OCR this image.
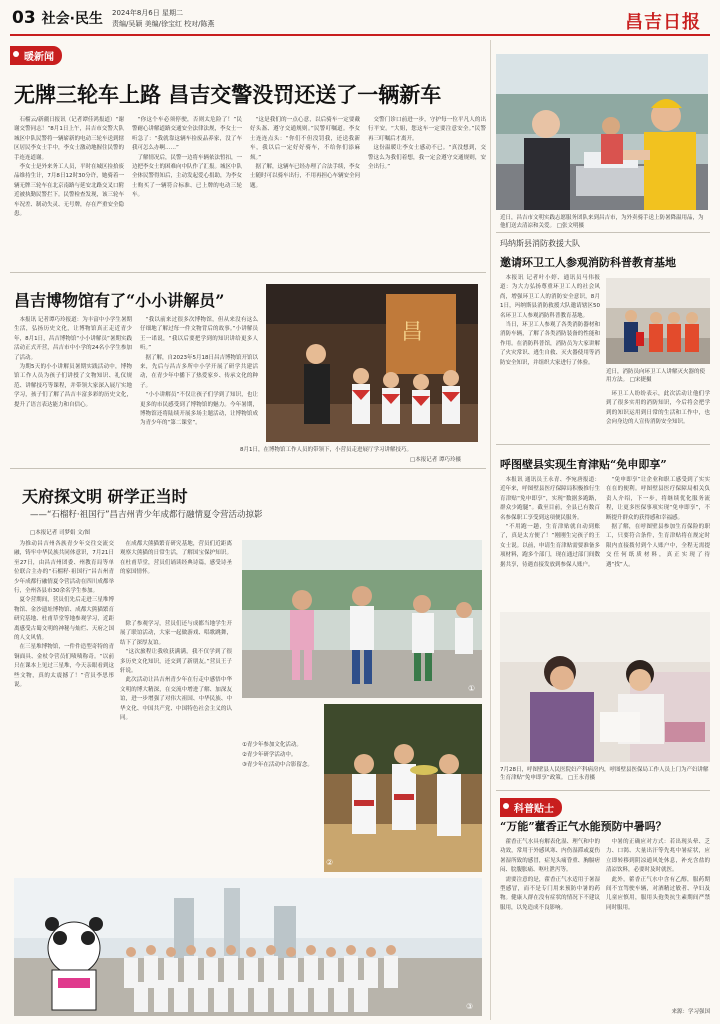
03 社会·民生 2024年8月6日 星期二
责编/吴颖 美编/徐宝红 校对/陈燕	昌吉日报
暖新闻
无牌三轮车上路 昌吉交警没罚还送了一辆新车

石榴云/新疆日报讯（记者谭佳鸿报道）“谢谢交警同志！”8月1日上午，昌吉市交警大队城区中队民警将一辆崭新的电动三轮车送到辖区居民李女士手中，李女士激动地握住民警的手连连道谢。

李女士是外来务工人员，平时在城区捡拾废品维持生计，7月8日12时30分许，她骑着一辆无牌三轮车在北京南路与延安北路交叉口附近被执勤民警拦下。民警检查发现，该三轮车车况差、制动失灵、无号牌，存在严重安全隐患。

“你这个车必须停驶，否则太危险了！”民警耐心讲解道路交通安全法律法规，李女士一听急了：“我就靠这辆车捡废品养家，没了车我可怎么办啊……”

了解情况后，民警一边将车辆依法暂扣，一边把李女士的困难向中队作了汇报。城区中队全体民警得知后，主动发起爱心捐助，为李女士购买了一辆符合标准、已上牌的电动三轮车。

“这是我们的一点心意，以后骑车一定要戴好头盔、遵守交通规则。”民警叮嘱道。李女士连连点头：“你们不但没罚我，还送我新车，我以后一定好好骑车，不给你们添麻烦。”

据了解，这辆车已经办理了合法手续，李女士随时可以骑车出行，不用再担心车辆安全问题。

交警门诊口前进一步，守护每一位平凡人的出行平安。“大姐，您这车一定要注意安全。”民警再三叮嘱后才离开。

这份温暖让李女士感动不已。“真没想到，交警这么为我们着想，我一定会遵守交通规则，安全出行。”

近日，昌吉市文明实践志愿服务团队来到昌吉市，为外卖骑手送上防暑降温用品，为他们送去清凉和关爱。 □张文明摄
昌吉博物馆有了“小小讲解员”

本报讯 记者谭巧玲报道：为丰富中小学生暑期生活，弘扬历史文化，让博物馆真正走近青少年，8月1日，昌吉博物馆“小小讲解员”暑期实践活动正式开营，昌吉市中小学的24名小学生参加了活动。

为期5天的小小讲解员暑期实践活动中，博物馆工作人员为孩子们讲授了文物知识、礼仪规范、讲解技巧等课程，并带领大家深入展厅实地学习，孩子们了解了昌吉丰富多彩的历史文化，提升了语言表达能力和自信心。

“我以前来过很多次博物馆，但从来没有这么仔细地了解过每一件文物背后的故事。”小讲解员王一诺说，“我以后要把学到的知识讲给更多人听。”

据了解，自2023年5月18日昌吉博物馆开馆以来，先后与昌吉多所中小学开展了研学共建活动，在青少年中播下了热爱家乡、传承文化的种子。

“小小讲解员”不仅让孩子们学到了知识，也让更多的市民感受到了博物馆的魅力。今年暑期，博物馆还将陆续开展多场主题活动，让博物馆成为青少年的“第二课堂”。

昌
8月1日，在博物馆工作人员的带领下，小营员走进展厅学习讲解技巧。
□本报记者 谭巧玲摄
玛纳斯县消防救援大队
邀请环卫工人参观消防科普教育基地

本报讯 记者叶小婷、通讯员马伟报道：为大力弘扬尊重环卫工人的社会风尚，增强环卫工人的消防安全意识，8月1日，玛纳斯县消防救援大队邀请辖区50名环卫工人参观消防科普教育基地。

当日，环卫工人参观了各类消防器材和消防车辆，了解了各类消防装备的性能和作用。在消防科普馆，消防员为大家讲解了火灾常识、逃生自救、灭火器使用等消防安全知识，并组织大家进行了体验。

近日，消防员向环卫工人讲解灭火器的使用方法。 □宋捷摄

环卫工人纷纷表示，此次活动让他们学到了很多实用的消防知识，今后将会把学到的知识运用到日常的生活和工作中，也会向身边的人宣传消防安全知识。

呼图壁县实现生育津贴“免申即享”

本报讯 通讯员王永青、李宛唐报道：近年来，呼图壁县医疗保障局积极推行生育津贴“免申即享”，实现“数据多跑路，群众少跑腿”。截至目前，全县已有数百名参保职工享受到这项便民服务。

“不用跑一趟，生育津贴就自动到账了，真是太方便了！”刚刚生完孩子的王女士说。以前，申请生育津贴需要准备多项材料，跑多个部门，现在通过部门间数据共享，待遇直接发放到参保人账户。

“免申即享”让企业和职工感受到了实实在在的便利。呼图壁县医疗保障局相关负责人介绍，下一步，将继续优化服务流程，让更多医保事项实现“免申即享”，不断提升群众的获得感和幸福感。

据了解，在呼图壁县参加生育保险的职工，只要符合条件，生育津贴将在规定时限内直接拨付到个人账户中，全程无需提交任何纸质材料，真正实现了待遇“找”人。

7月28日，呼图壁县人民医院妇产科病房内，呼图壁县医保局工作人员上门为产妇讲解生育津贴“免申即享”政策。 □王永青摄
科普贴士
“万能”藿香正气水能预防中暑吗？

藿香正气水具有解表化湿、理气和中的功效，常用于外感风寒、内伤湿滞或夏伤暑湿所致的感冒，症见头痛昏重、胸膈痞闷、脘腹胀痛、呕吐泄泻等。

需要注意的是，藿香正气水适用于暑湿型感冒，而不是专门用来预防中暑的药物。健康人群在没有症状的情况下不建议服用，以免造成不良影响。

中暑的正确应对方式：若出现头晕、乏力、口渴、大量出汗等先兆中暑症状，应立即转移到阴凉通风处休息，补充含盐的清凉饮料，必要时及时就医。

此外，藿香正气水中含有乙醇，服药期间不宜驾驶车辆，对酒精过敏者、孕妇及儿童应慎用，服用头孢类抗生素期间严禁同时服用。

来源：学习强国
天府探文明 研学正当时
——“石榴籽·祖国行”昌吉州青少年成都行融情夏令营活动掠影
□本报记者 司梦娟 文/图

为推动昌吉州各族青少年交往交流交融，铸牢中华民族共同体意识，7月21日至27日，由昌吉州团委、州教育局等单位联合主办的“石榴籽·祖国行”昌吉州青少年成都行融情夏令营活动在四川成都举行，全州各县市30余名学生参加。

夏令营期间，营员们先后走进三星堆博物馆、金沙遗址博物馆、成都大熊猫繁育研究基地、杜甫草堂等地参观学习，近距离感受古蜀文明的神秘与灿烂、天府之国的人文风情。

在三星堆博物馆，一件件造型奇特的青铜面具、金杖令营员们啧啧称奇。“以前只在课本上见过三星堆，今天亲眼看到这些文物，真的太震撼了！”营员李思彤说。

在成都大熊猫繁育研究基地，营员们近距离观察大熊猫的日常生活，了解国宝保护知识。在杜甫草堂，营员们诵读经典诗篇，感受诗圣的家国情怀。

除了参观学习，营员们还与成都当地学生开展了联谊活动，大家一起做游戏、唱歌跳舞，结下了深厚友谊。

“这次旅程让我收获满满，我不仅学到了很多历史文化知识，还交到了新朋友。”营员王子轩说。

此次活动让昌吉州青少年在行走中感悟中华文明的博大精深，在交流中增进了解、加深友谊，进一步增强了对伟大祖国、中华民族、中华文化、中国共产党、中国特色社会主义的认同。

①
②
①青少年参加文化活动。
②青少年研学活动中。
③青少年在活动中合影留念。
③
